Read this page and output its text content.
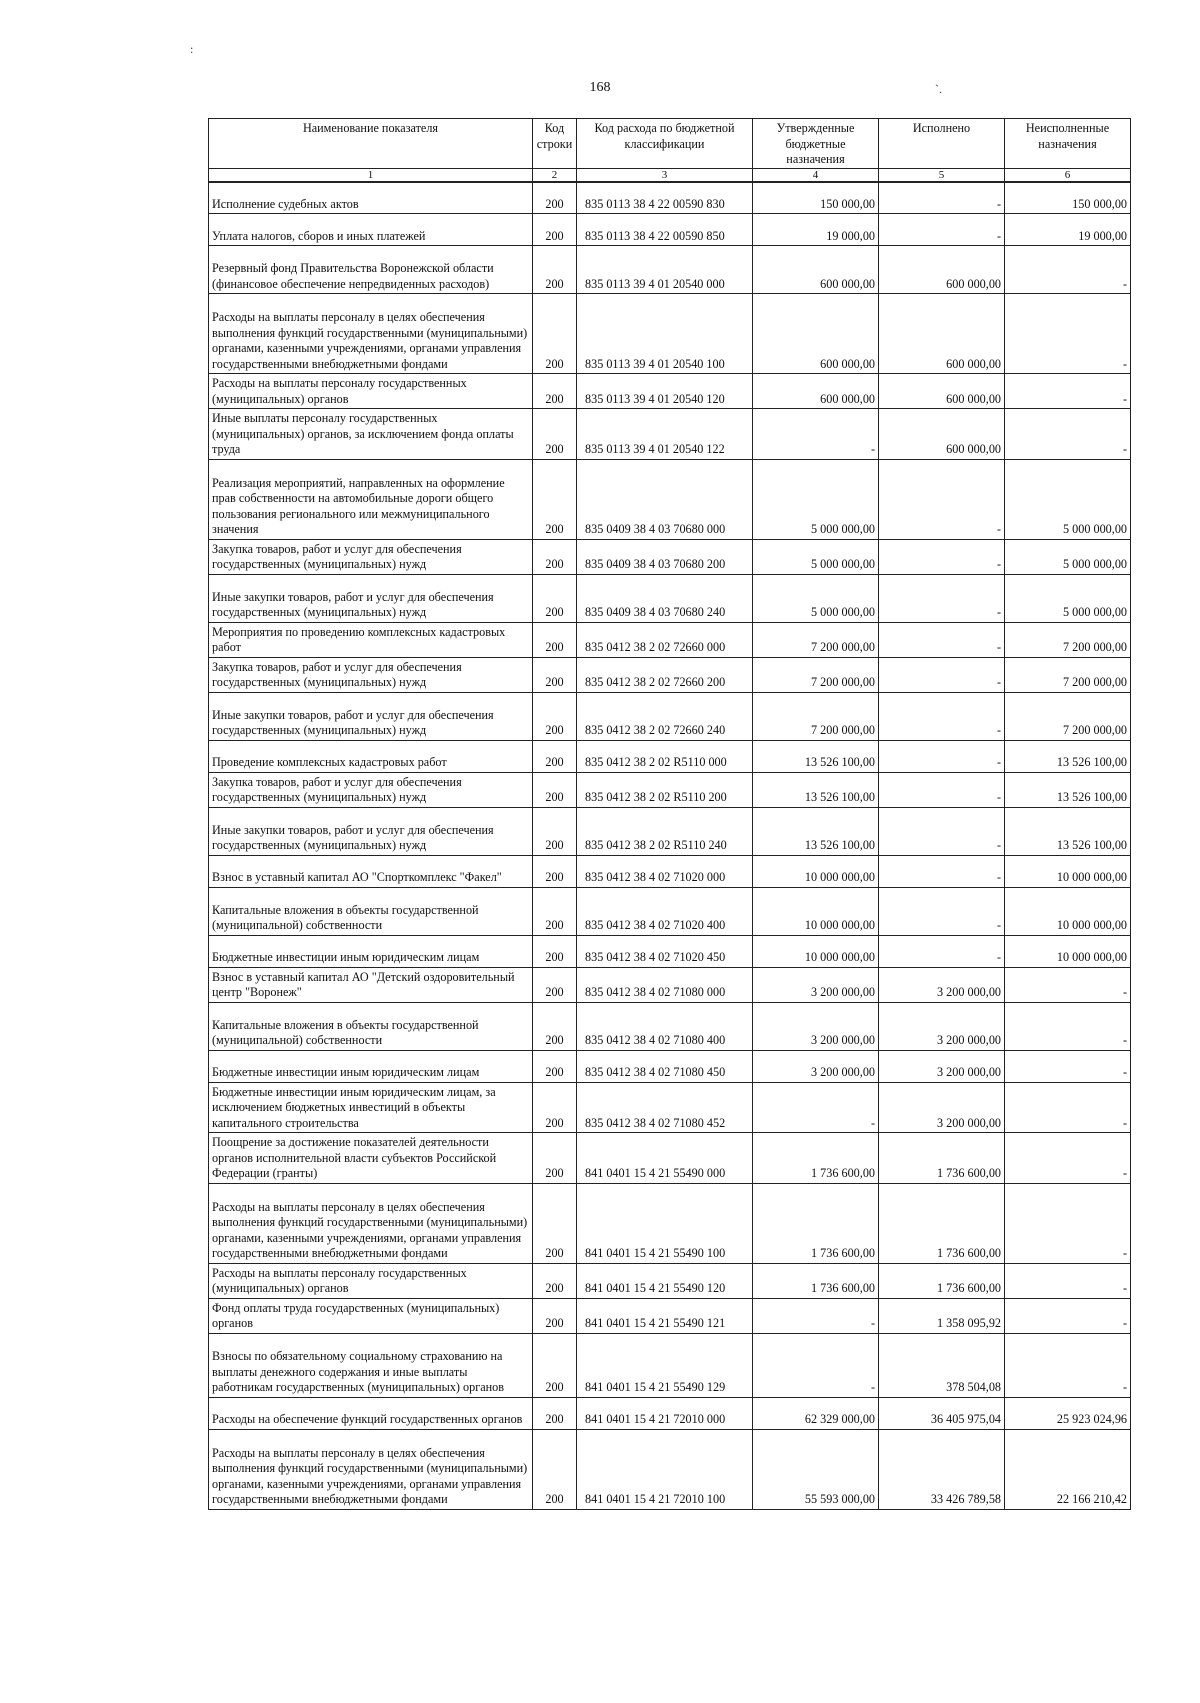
168
:
`.
Наименование показателя	Код строки	Код расхода по бюджетной классификации	Утвержденные бюджетные назначения	Исполнено	Неисполненные назначения
1	2	3	4	5	6
Исполнение судебных актов	200	835 0113 38 4 22 00590 830	150 000,00	-	150 000,00
Уплата налогов, сборов и иных платежей	200	835 0113 38 4 22 00590 850	19 000,00	-	19 000,00
Резервный фонд Правительства Воронежской области (финансовое обеспечение непредвиденных расходов)	200	835 0113 39 4 01 20540 000	600 000,00	600 000,00	-
Расходы на выплаты персоналу в целях обеспечения выполнения функций государственными (муниципальными) органами, казенными учреждениями, органами управления государственными внебюджетными фондами	200	835 0113 39 4 01 20540 100	600 000,00	600 000,00	-
Расходы на выплаты персоналу государственных (муниципальных) органов	200	835 0113 39 4 01 20540 120	600 000,00	600 000,00	-
Иные выплаты персоналу государственных (муниципальных) органов, за исключением фонда оплаты труда	200	835 0113 39 4 01 20540 122	-	600 000,00	-
Реализация мероприятий, направленных на оформление прав собственности на автомобильные дороги общего пользования регионального или межмуниципального значения	200	835 0409 38 4 03 70680 000	5 000 000,00	-	5 000 000,00
Закупка товаров, работ и услуг для обеспечения государственных (муниципальных) нужд	200	835 0409 38 4 03 70680 200	5 000 000,00	-	5 000 000,00
Иные закупки товаров, работ и услуг для обеспечения государственных (муниципальных) нужд	200	835 0409 38 4 03 70680 240	5 000 000,00	-	5 000 000,00
Мероприятия по проведению комплексных кадастровых работ	200	835 0412 38 2 02 72660 000	7 200 000,00	-	7 200 000,00
Закупка товаров, работ и услуг для обеспечения государственных (муниципальных) нужд	200	835 0412 38 2 02 72660 200	7 200 000,00	-	7 200 000,00
Иные закупки товаров, работ и услуг для обеспечения государственных (муниципальных) нужд	200	835 0412 38 2 02 72660 240	7 200 000,00	-	7 200 000,00
Проведение комплексных кадастровых работ	200	835 0412 38 2 02 R5110 000	13 526 100,00	-	13 526 100,00
Закупка товаров, работ и услуг для обеспечения государственных (муниципальных) нужд	200	835 0412 38 2 02 R5110 200	13 526 100,00	-	13 526 100,00
Иные закупки товаров, работ и услуг для обеспечения государственных (муниципальных) нужд	200	835 0412 38 2 02 R5110 240	13 526 100,00	-	13 526 100,00
Взнос в уставный капитал АО "Спорткомплекс "Факел"	200	835 0412 38 4 02 71020 000	10 000 000,00	-	10 000 000,00
Капитальные вложения в объекты государственной (муниципальной) собственности	200	835 0412 38 4 02 71020 400	10 000 000,00	-	10 000 000,00
Бюджетные инвестиции иным юридическим лицам	200	835 0412 38 4 02 71020 450	10 000 000,00	-	10 000 000,00
Взнос в уставный капитал АО "Детский оздоровительный центр "Воронеж"	200	835 0412 38 4 02 71080 000	3 200 000,00	3 200 000,00	-
Капитальные вложения в объекты государственной (муниципальной) собственности	200	835 0412 38 4 02 71080 400	3 200 000,00	3 200 000,00	-
Бюджетные инвестиции иным юридическим лицам	200	835 0412 38 4 02 71080 450	3 200 000,00	3 200 000,00	-
Бюджетные инвестиции иным юридическим лицам, за исключением бюджетных инвестиций в объекты капитального строительства	200	835 0412 38 4 02 71080 452	-	3 200 000,00	-
Поощрение за достижение показателей деятельности органов исполнительной власти субъектов Российской Федерации (гранты)	200	841 0401 15 4 21 55490 000	1 736 600,00	1 736 600,00	-
Расходы на выплаты персоналу в целях обеспечения выполнения функций государственными (муниципальными) органами, казенными учреждениями, органами управления государственными внебюджетными фондами	200	841 0401 15 4 21 55490 100	1 736 600,00	1 736 600,00	-
Расходы на выплаты персоналу государственных (муниципальных) органов	200	841 0401 15 4 21 55490 120	1 736 600,00	1 736 600,00	-
Фонд оплаты труда государственных (муниципальных) органов	200	841 0401 15 4 21 55490 121	-	1 358 095,92	-
Взносы по обязательному социальному страхованию на выплаты денежного содержания и иные выплаты работникам государственных (муниципальных) органов	200	841 0401 15 4 21 55490 129	-	378 504,08	-
Расходы на обеспечение функций государственных органов	200	841 0401 15 4 21 72010 000	62 329 000,00	36 405 975,04	25 923 024,96
Расходы на выплаты персоналу в целях обеспечения выполнения функций государственными (муниципальными) органами, казенными учреждениями, органами управления государственными внебюджетными фондами	200	841 0401 15 4 21 72010 100	55 593 000,00	33 426 789,58	22 166 210,42
